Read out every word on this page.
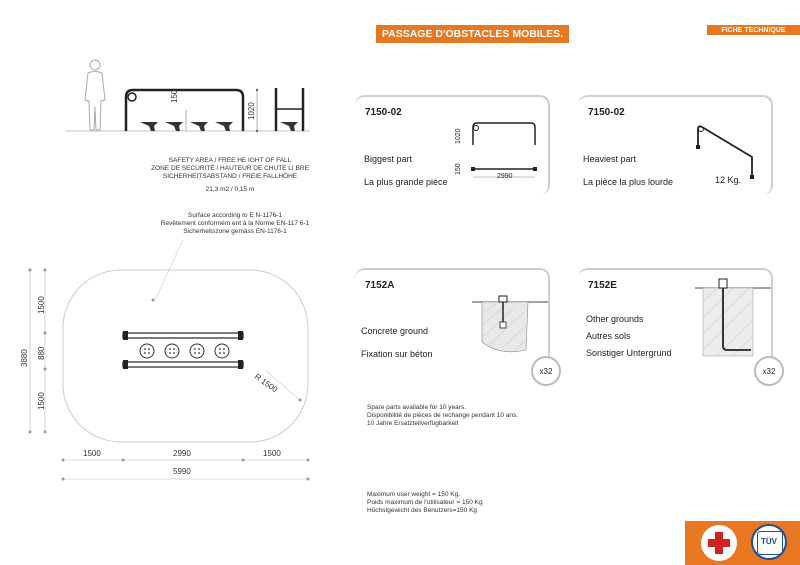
PASSAGE D'OBSTACLES MOBILES.	FICHE TECHNIQUE
150
1020
SAFETY AREA / FREE HE IGHT OF FALL
ZONE DE SECURITÉ / HAUTEUR DE CHUTE LI BRE
SICHERHEITSABSTAND / FREIE FALLHÖHE
21,3 m2 / 0,15 m
Surface according to E N-1176-1
Revêtement conformém ent à la Norme EN-117 6-1
Sicherheitszone gemäss EN-1176-1
1500
880
1500
3880
1500	2990	1500
5990
R 1500
7150-02
Biggest part
La plus grande pièce
1020
150
2990
7150-02
Heaviest part
La pièce la plus lourde	12 Kg.
7152A
Concrete ground
Fixation sur béton
x32
7152E
Other grounds
Autres sols
Sonstiger Untergrund
x32
Spare parts available for 10 years.
Disponibilité de pièces de rechange pendant 10 ans.
10 Jahre Ersatzteilverfügbarkeit
Maximum user weight = 150 Kg.
Poids maximum de l'utilisateur = 150 Kg
Höchstgewicht des Benutzers=150 Kg
TÜV
